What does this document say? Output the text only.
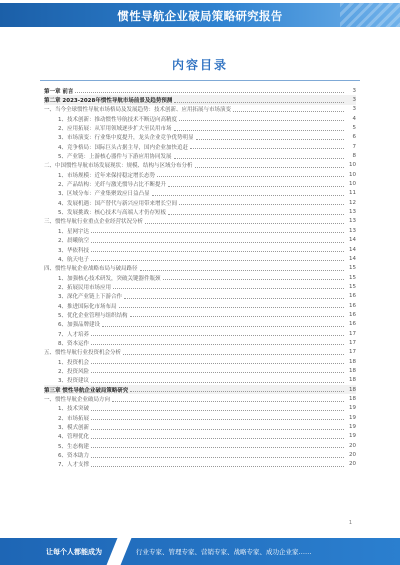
惯性导航企业破局策略研究报告
内容目录
第一章 前言	3
第二章 2023-2028年惯性导航市场前景及趋势预测	3
一、当今全球惯性导航市场格局及发展趋势：技术创新、应用拓展与市场演变	3
1、技术创新：推动惯性导航技术不断迈向高精度	4
2、应用拓展：从军用领域逐步扩大至民用市场	5
3、市场演变：行业集中度提升，龙头企业竞争优势明显	6
4、竞争格局：国际巨头占据主导，国内企业加快追赶	7
5、产业链：上游核心器件与下游应用协同发展	8
二、中国惯性导航市场发展现状：规模、结构与区域分布分析	10
1、市场规模：近年来保持稳定增长态势	10
2、产品结构：光纤与激光惯导占比不断提升	10
3、区域分布：产业集聚效应日益凸显	11
4、发展机遇：国产替代与新兴应用带来增长空间	12
5、发展挑战：核心技术与高端人才仍存短板	13
三、惯性导航行业重点企业经营状况分析	13
1、星网宇达	13
2、晨曦航空	14
3、华依科技	14
4、航天电子	14
四、惯性导航企业战略布局与破局路径	15
1、加强核心技术研发，突破关键器件瓶颈	15
2、拓展民用市场应用	15
3、深化产业链上下游合作	16
4、推进国际化市场布局	16
5、优化企业管理与组织结构	16
6、加强品牌建设	16
7、人才培养	17
8、资本运作	17
五、惯性导航行业投资机会分析	17
1、投资机会	18
2、投资风险	18
3、投资建议	18
第三章 惯性导航企业破局策略研究	18
一、惯性导航企业破局方向	18
1、技术突破	19
2、市场拓展	19
3、模式创新	19
4、管理优化	19
5、生态构建	20
6、资本助力	20
7、人才支撑	20
1
让每个人都能成为	行业专家、管理专家、营销专家、战略专家、成功企业家……
